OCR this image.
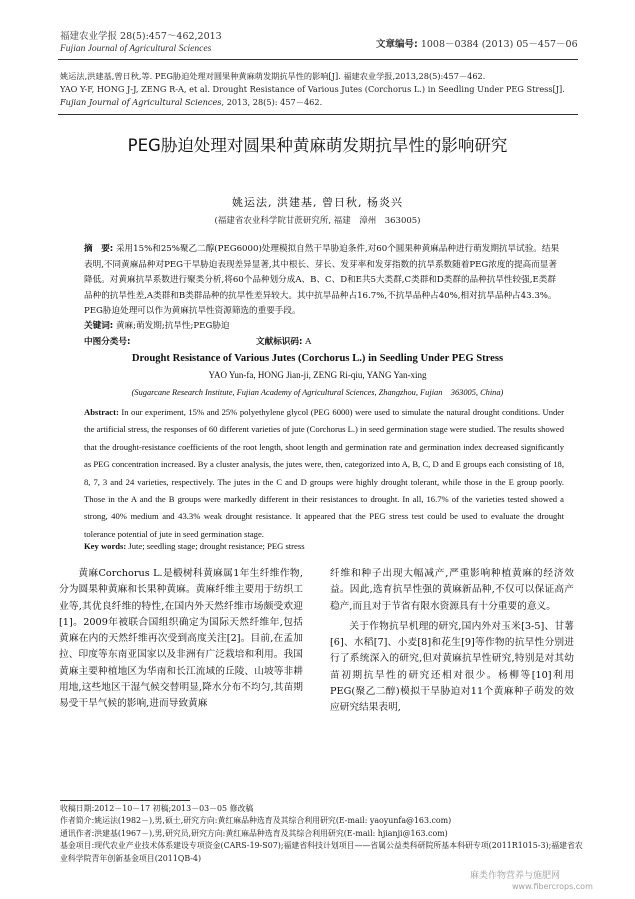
福建农业学报 28(5):457～462,2013
Fujian Journal of Agricultural Sciences	文章编号: 1008－0384 (2013) 05－457－06
姚运法,洪建基,曾日秋,等. PEG胁迫处理对圆果种黄麻萌发期抗旱性的影响[J]. 福建农业学报,2013,28(5):457－462.
YAO Y-F, HONG J-J, ZENG R-A, et al. Drought Resistance of Various Jutes (Corchorus L.) in Seedling Under PEG Stress[J]. Fujian Journal of Agricultural Sciences, 2013, 28(5): 457－462.
PEG胁迫处理对圆果种黄麻萌发期抗旱性的影响研究
姚运法, 洪建基, 曾日秋, 杨炎兴
(福建省农业科学院甘蔗研究所, 福建　漳州　363005)
摘　要: 采用15%和25%聚乙二醇(PEG6000)处理模拟自然干旱胁迫条件,对60个圆果种黄麻品种进行萌发期抗旱试验。结果表明,不同黄麻品种对PEG干旱胁迫表现差异显著,其中根长、芽长、发芽率和发芽指数的抗旱系数随着PEG浓度的提高而显著降低。对黄麻抗旱系数进行聚类分析,将60个品种划分成A、B、C、D和E共5大类群,C类群和D类群的品种抗旱性较强,E类群品种的抗旱性差,A类群和B类群品种的抗旱性差异较大。其中抗旱品种占16.7%,不抗旱品种占40%,相对抗旱品种占43.3%。PEG胁迫处理可以作为黄麻抗旱性资源筛选的重要手段。
关键词: 黄麻;萌发期;抗旱性;PEG胁迫
中图分类号:	文献标识码: A
Drought Resistance of Various Jutes (Corchorus L.) in Seedling Under PEG Stress
YAO Yun-fa, HONG Jian-ji, ZENG Ri-qiu, YANG Yan-xing
(Sugarcane Research Institute, Fujian Academy of Agricultural Sciences, Zhangzhou, Fujian　363005, China)
Abstract: In our experiment, 15% and 25% polyethylene glycol (PEG 6000) were used to simulate the natural drought conditions. Under the artificial stress, the responses of 60 different varieties of jute (Corchorus L.) in seed germination stage were studied. The results showed that the drought-resistance coefficients of the root length, shoot length and germination rate and germination index decreased significantly as PEG concentration increased. By a cluster analysis, the jutes were, then, categorized into A, B, C, D and E groups each consisting of 18, 8, 7, 3 and 24 varieties, respectively. The jutes in the C and D groups were highly drought tolerant, while those in the E group poorly. Those in the A and the B groups were markedly different in their resistances to drought. In all, 16.7% of the varieties tested showed a strong, 40% medium and 43.3% weak drought resistance. It appeared that the PEG stress test could be used to evaluate the drought tolerance potential of jute in seed germination stage.
Key words: Jute; seedling stage; drought resistance; PEG stress

黄麻Corchorus L.是椴树科黄麻属1年生纤维作物,分为圆果种黄麻和长果种黄麻。黄麻纤维主要用于纺织工业等,其优良纤维的特性,在国内外天然纤维市场颇受欢迎[1]。2009年被联合国组织确定为国际天然纤维年,包括黄麻在内的天然纤维再次受到高度关注[2]。目前,在孟加拉、印度等东南亚国家以及非洲有广泛栽培和利用。我国黄麻主要种植地区为华南和长江流域的丘陵、山坡等非耕用地,这些地区干湿气候交替明显,降水分布不均匀,其苗期易受干旱气候的影响,进而导致黄麻

纤维和种子出现大幅减产,严重影响种植黄麻的经济效益。因此,选育抗旱性强的黄麻新品种,不仅可以保证高产稳产,而且对于节省有限水资源具有十分重要的意义。

关于作物抗旱机理的研究,国内外对玉米[3-5]、甘薯[6]、水稻[7]、小麦[8]和花生[9]等作物的抗旱性分别进行了系统深入的研究,但对黄麻抗旱性研究,特别是对其幼苗初期抗旱性的研究还相对很少。杨柳等[10]利用PEG(聚乙二醇)模拟干旱胁迫对11个黄麻种子萌发的效应研究结果表明,

收稿日期:2012－10－17 初稿;2013－03－05 修改稿
作者简介:姚运法(1982－),男,硕士,研究方向:黄红麻品种选育及其综合利用研究(E-mail: yaoyunfa@163.com)
通讯作者:洪建基(1967－),男,研究员,研究方向:黄红麻品种选育及其综合利用研究(E-mail: hjianji@163.com)
基金项目:现代农业产业技术体系建设专项资金(CARS-19-S07);福建省科技计划项目——省属公益类科研院所基本科研专项(2011R1015-3);福建省农业科学院青年创新基金项目(2011QB-4)
麻类作物营养与施肥网
www.fibercrops.com
